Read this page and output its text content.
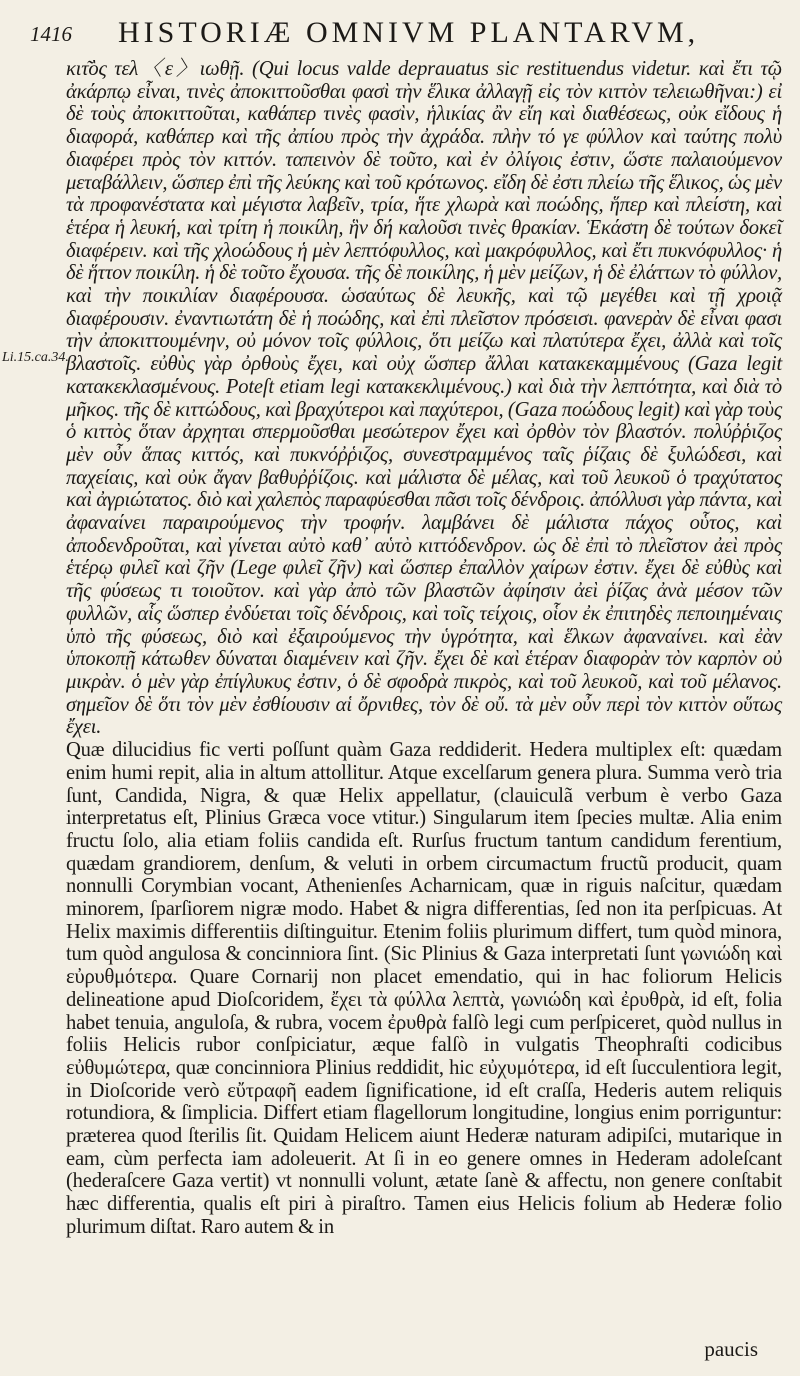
1416 HISTORIÆ OMNIVM PLANTARVM,
Li.15.ca.34.

κιτ͂ὸς τελ〈ε〉ιωθῇ. (Qui locus valde deprauatus sic restituendus videtur. καὶ ἔτι τῷ ἀκάρπῳ εἶναι, τινὲς ἀποκιττοῦσθαι φασὶ τὴν ἕλικα ἀλλαγῇ εἰς τὸν κιττὸν τελειωθῆναι:) εἰ δὲ τοὺς ἀποκιττοῦται, καθάπερ τινὲς φασὶν, ἡλικίας ἂν εἴη καὶ διαθέσεως, οὐκ εἴδους ἡ διαφορά, καθάπερ καὶ τῆς ἀπίου πρὸς τὴν ἀχράδα. πλὴν τό γε φύλλον καὶ ταύτης πολὺ διαφέρει πρὸς τὸν κιττόν. ταπεινὸν δὲ τοῦτο, καὶ ἐν ὀλίγοις ἐστιν, ὥστε παλαιούμενον μεταβάλλειν, ὥσπερ ἐπὶ τῆς λεύκης καὶ τοῦ κρότωνος. εἴδη δὲ ἐστι πλείω τῆς ἕλικος, ὡς μὲν τὰ προφανέστατα καὶ μέγιστα λαβεῖν, τρία, ἥτε χλωρὰ καὶ ποώδης, ἥπερ καὶ πλείστη, καὶ ἑτέρα ἡ λευκή, καὶ τρίτη ἡ ποικίλη, ἣν δή καλοῦσι τινὲς θρακίαν. Ἑκάστη δὲ τούτων δοκεῖ διαφέρειν. καὶ τῆς χλοώδους ἡ μὲν λεπτόφυλλος, καὶ μακρόφυλλος, καὶ ἔτι πυκνόφυλλος· ἡ δὲ ἥττον ποικίλη. ἡ δὲ τοῦτο ἔχουσα. τῆς δὲ ποικίλης, ἡ μὲν μείζων, ἡ δὲ ἐλάττων τὸ φύλλον, καὶ τὴν ποικιλίαν διαφέρουσα. ὡσαύτως δὲ λευκῆς, καὶ τῷ μεγέθει καὶ τῇ χροιᾷ διαφέρουσιν. ἐναντιωτάτη δὲ ἡ ποώδης, καὶ ἐπὶ πλεῖστον πρόσεισι. φανερὰν δὲ εἶναι φασι τὴν ἀποκιττουμένην, οὐ μόνον τοῖς φύλλοις, ὅτι μείζω καὶ πλατύτερα ἔχει, ἀλλὰ καὶ τοῖς βλαστοῖς. εὐθὺς γὰρ ὀρθοὺς ἔχει, καὶ οὐχ ὥσπερ ἄλλαι κατακεκαμμένους (Gaza legit κατακεκλασμένους. Poteſt etiam legi κατακεκλιμένους.) καὶ διὰ τὴν λεπτότητα, καὶ διὰ τὸ μῆκος. τῆς δὲ κιττώδους, καὶ βραχύτεροι καὶ παχύτεροι, (Gaza ποώδους legit) καὶ γὰρ τοὺς ὁ κιττὸς ὅταν ἀρχηται σπερμοῦσθαι μεσώτερον ἔχει καὶ ὀρθὸν τὸν βλαστόν. πολύῤῥιζος μὲν οὖν ἅπας κιττός, καὶ πυκνόῤῥιζος, συνεστραμμένος ταῖς ῥίζαις δὲ ξυλώδεσι, καὶ παχείαις, καὶ οὐκ ἄγαν βαθυῤῥίζοις. καὶ μάλιστα δὲ μέλας, καὶ τοῦ λευκοῦ ὁ τραχύτατος καὶ ἀγριώτατος. διὸ καὶ χαλεπὸς παραφύεσθαι πᾶσι τοῖς δένδροις. ἀπόλλυσι γὰρ πάντα, καὶ ἀφαναίνει παραιρούμενος τὴν τροφήν. λαμβάνει δὲ μάλιστα πάχος οὗτος, καὶ ἀποδενδροῦται, καὶ γίνεται αὐτὸ καθ᾽ αὑτὸ κιττόδενδρον. ὡς δὲ ἐπὶ τὸ πλεῖστον ἀεὶ πρὸς ἑτέρῳ φιλεῖ καὶ ζῆν (Lege φιλεῖ ζῆν) καὶ ὥσπερ ἐπαλλὸν χαίρων ἐστιν. ἔχει δὲ εὐθὺς καὶ τῆς φύσεως τι τοιοῦτον. καὶ γὰρ ἀπὸ τῶν βλαστῶν ἀφίησιν ἀεὶ ῥίζας ἀνὰ μέσον τῶν φυλλῶν, αἷς ὥσπερ ἐνδύεται τοῖς δένδροις, καὶ τοῖς τείχοις, οἷον ἐκ ἐπιτηδὲς πεποιημέναις ὑπὸ τῆς φύσεως, διὸ καὶ ἐξαιρούμενος τὴν ὑγρότητα, καὶ ἕλκων ἀφαναίνει. καὶ ἐὰν ὑποκοπῇ κάτωθεν δύναται διαμένειν καὶ ζῆν. ἔχει δὲ καὶ ἑτέραν διαφορὰν τὸν καρπὸν οὐ μικρὰν. ὁ μὲν γὰρ ἐπίγλυκυς ἐστιν, ὁ δὲ σφοδρὰ πικρὸς, καὶ τοῦ λευκοῦ, καὶ τοῦ μέλανος. σημεῖον δὲ ὅτι τὸν μὲν ἐσθίουσιν αἱ ὄρνιθες, τὸν δὲ οὔ. τὰ μὲν οὖν περὶ τὸν κιττὸν οὕτως ἔχει.

Quæ dilucidius fic verti poſſunt quàm Gaza reddiderit. Hedera multiplex eſt: quædam enim humi repit, alia in altum attollitur. Atque excelſarum genera plura. Summa verò tria ſunt, Candida, Nigra, & quæ Helix appellatur, (clauiculã verbum è verbo Gaza interpretatus eſt, Plinius Græca voce vtitur.) Singularum item ſpecies multæ. Alia enim fructu ſolo, alia etiam foliis candida eſt. Rurſus fructum tantum candidum ferentium, quædam grandiorem, denſum, & veluti in orbem circumactum fructũ producit, quam nonnulli Corymbian vocant, Athenienſes Acharnicam, quæ in riguis naſcitur, quædam minorem, ſparſiorem nigræ modo. Habet & nigra differentias, ſed non ita perſpicuas. At Helix maximis differentiis diſtinguitur. Etenim foliis plurimum differt, tum quòd minora, tum quòd angulosa & concinniora ſint. (Sic Plinius & Gaza interpretati ſunt γωνιώδη καὶ εὐρυθμότερα. Quare Cornarij non placet emendatio, qui in hac foliorum Helicis delineatione apud Dioſcoridem, ἔχει τὰ φύλλα λεπτὰ, γωνιώδη καὶ ἐρυθρὰ, id eſt, folia habet tenuia, anguloſa, & rubra, vocem ἐρυθρὰ falſò legi cum perſpiceret, quòd nullus in foliis Helicis rubor conſpiciatur, æque falſò in vulgatis Theophraſti codicibus εὐθυμώτερα, quæ concinniora Plinius reddidit, hic εὐχυμότερα, id eſt ſucculentiora legit, in Dioſcoride verò εὔτραφῆ eadem ſignificatione, id eſt craſſa, Hederis autem reliquis rotundiora, & ſimplicia. Differt etiam flagellorum longitudine, longius enim porriguntur: præterea quod ſterilis ſit. Quidam Helicem aiunt Hederæ naturam adipiſci, mutarique in eam, cùm perfecta iam adoleuerit. At ſi in eo genere omnes in Hederam adoleſcant (hederaſcere Gaza vertit) vt nonnulli volunt, ætate ſanè & affectu, non genere conſtabit hæc differentia, qualis eſt piri à piraſtro. Tamen eius Helicis folium ab Hederæ folio plurimum diſtat. Raro autem & in

paucis
